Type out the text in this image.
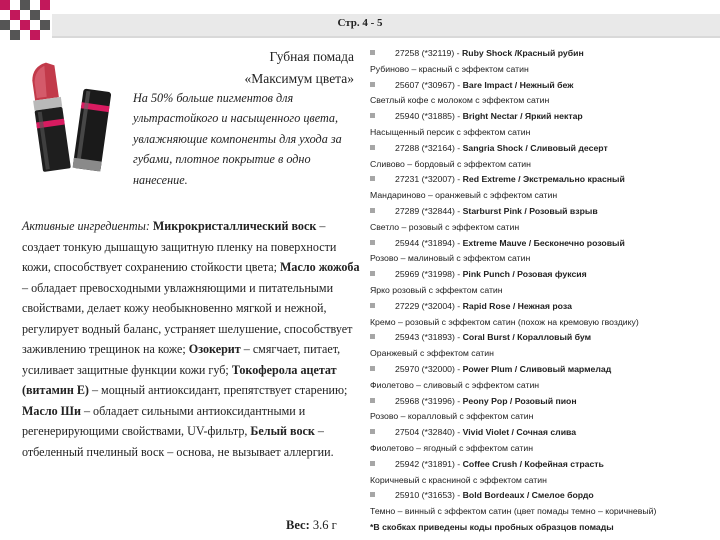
Стр. 4 - 5
Губная помада
«Максимум цвета»
На 50% больше пигментов для ультрастойкого и насыщенного цвета, увлажняющие компоненты для ухода за губами, плотное покрытие в одно нанесение.
Активные ингредиенты: Микрокристаллический воск – создает тонкую дышащую защитную пленку на поверхности кожи, способствует сохранению стойкости цвета; Масло жожоба – обладает превосходными увлажняющими и питательными свойствами, делает кожу необыкновенно мягкой и нежной, регулирует водный баланс, устраняет шелушение, способствует заживлению трещинок на коже; Озокерит – смягчает, питает, усиливает защитные функции кожи губ; Токоферола ацетат (витамин Е) – мощный антиоксидант, препятствует старению; Масло Ши – обладает сильными антиоксидантными и регенерирующими свойствами, UV-фильтр, Белый воск – отбеленный пчелиный воск – основа, не вызывает аллергии.
Вес: 3.6 г
27258 (*32119) - Ruby Shock /Красный рубин
Рубиново – красный с эффектом сатин
25607 (*30967) - Bare Impact / Нежный беж
Светлый кофе с молоком с эффектом сатин
25940 (*31885) - Bright Nectar / Яркий нектар
Насыщенный персик с эффектом сатин
27288 (*32164) - Sangria Shock / Сливовый десерт
Сливово – бордовый с эффектом сатин
27231 (*32007) - Red Extreme / Экстремально красный
Мандариново – оранжевый с эффектом сатин
27289 (*32844) - Starburst Pink / Розовый взрыв
Светло – розовый с эффектом сатин
25944 (*31894) - Extreme Mauve / Бесконечно розовый
Розово – малиновый с эффектом сатин
25969 (*31998) - Pink Punch / Розовая фуксия
Ярко розовый с эффектом сатин
27229 (*32004) - Rapid Rose / Нежная роза
Кремо – розовый с эффектом сатин (похож на кремовую гвоздику)
25943 (*31893) - Coral Burst / Коралловый бум
Оранжевый с эффектом сатин
25970 (*32000) - Power Plum / Сливовый мармелад
Фиолетово – сливовый с эффектом сатин
25968 (*31996) - Peony Pop / Розовый пион
Розово – коралловый с эффектом сатин
27504 (*32840) - Vivid Violet / Сочная слива
Фиолетово – ягодный с эффектом сатин
25942 (*31891) - Coffee Crush / Кофейная страсть
Коричневый с красниной с эффектом сатин
25910 (*31653) - Bold Bordeaux / Смелое бордо
Темно – винный с эффектом сатин (цвет помады темно – коричневый)
*В скобках приведены коды пробных образцов помады
